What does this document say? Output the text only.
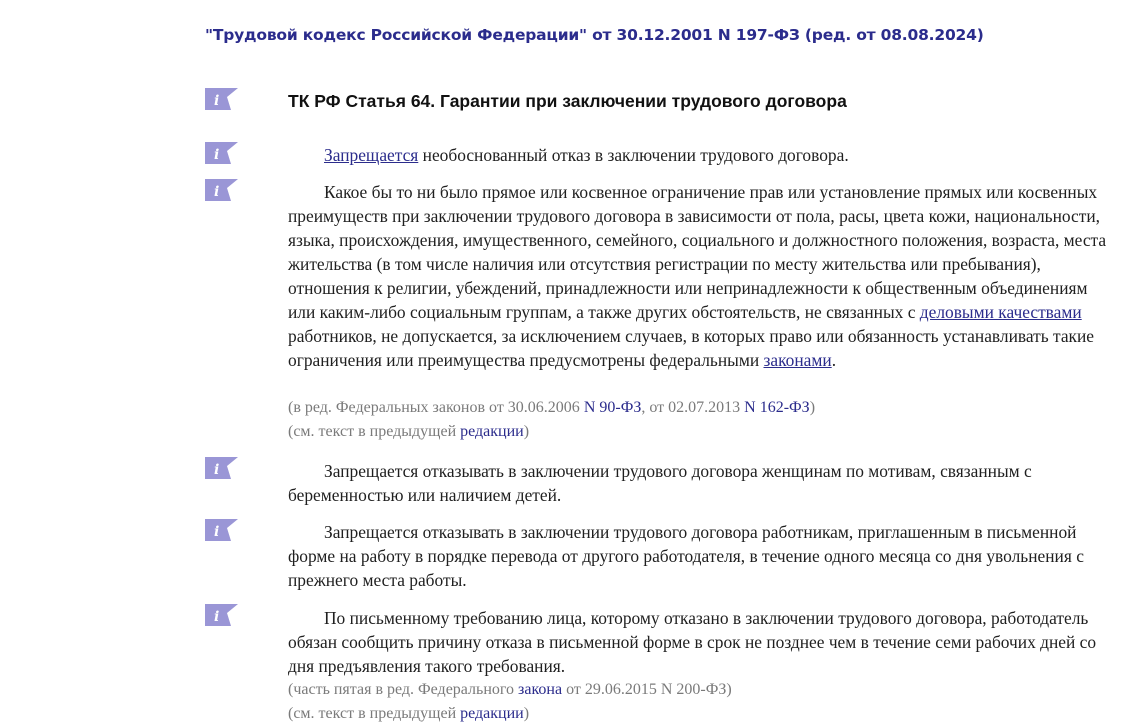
"Трудовой кодекс Российской Федерации" от 30.12.2001 N 197-ФЗ (ред. от 08.08.2024)
i
i
i
i
i
i
ТК РФ Статья 64. Гарантии при заключении трудового договора

Запрещается необоснованный отказ в заключении трудового договора.

Какое бы то ни было прямое или косвенное ограничение прав или установление прямых или косвенных преимуществ при заключении трудового договора в зависимости от пола, расы, цвета кожи, национальности, языка, происхождения, имущественного, семейного, социального и должностного положения, возраста, места жительства (в том числе наличия или отсутствия регистрации по месту жительства или пребывания), отношения к религии, убеждений, принадлежности или непринадлежности к общественным объединениям или каким-либо социальным группам, а также других обстоятельств, не связанных с деловыми качествами работников, не допускается, за исключением случаев, в которых право или обязанность устанавливать такие ограничения или преимущества предусмотрены федеральными законами.

(в ред. Федеральных законов от 30.06.2006 N 90-ФЗ, от 02.07.2013 N 162-ФЗ)

(см. текст в предыдущей редакции)

Запрещается отказывать в заключении трудового договора женщинам по мотивам, связанным с беременностью или наличием детей.

Запрещается отказывать в заключении трудового договора работникам, приглашенным в письменной форме на работу в порядке перевода от другого работодателя, в течение одного месяца со дня увольнения с прежнего места работы.

По письменному требованию лица, которому отказано в заключении трудового договора, работодатель обязан сообщить причину отказа в письменной форме в срок не позднее чем в течение семи рабочих дней со дня предъявления такого требования.

(часть пятая в ред. Федерального закона от 29.06.2015 N 200-ФЗ)

(см. текст в предыдущей редакции)
